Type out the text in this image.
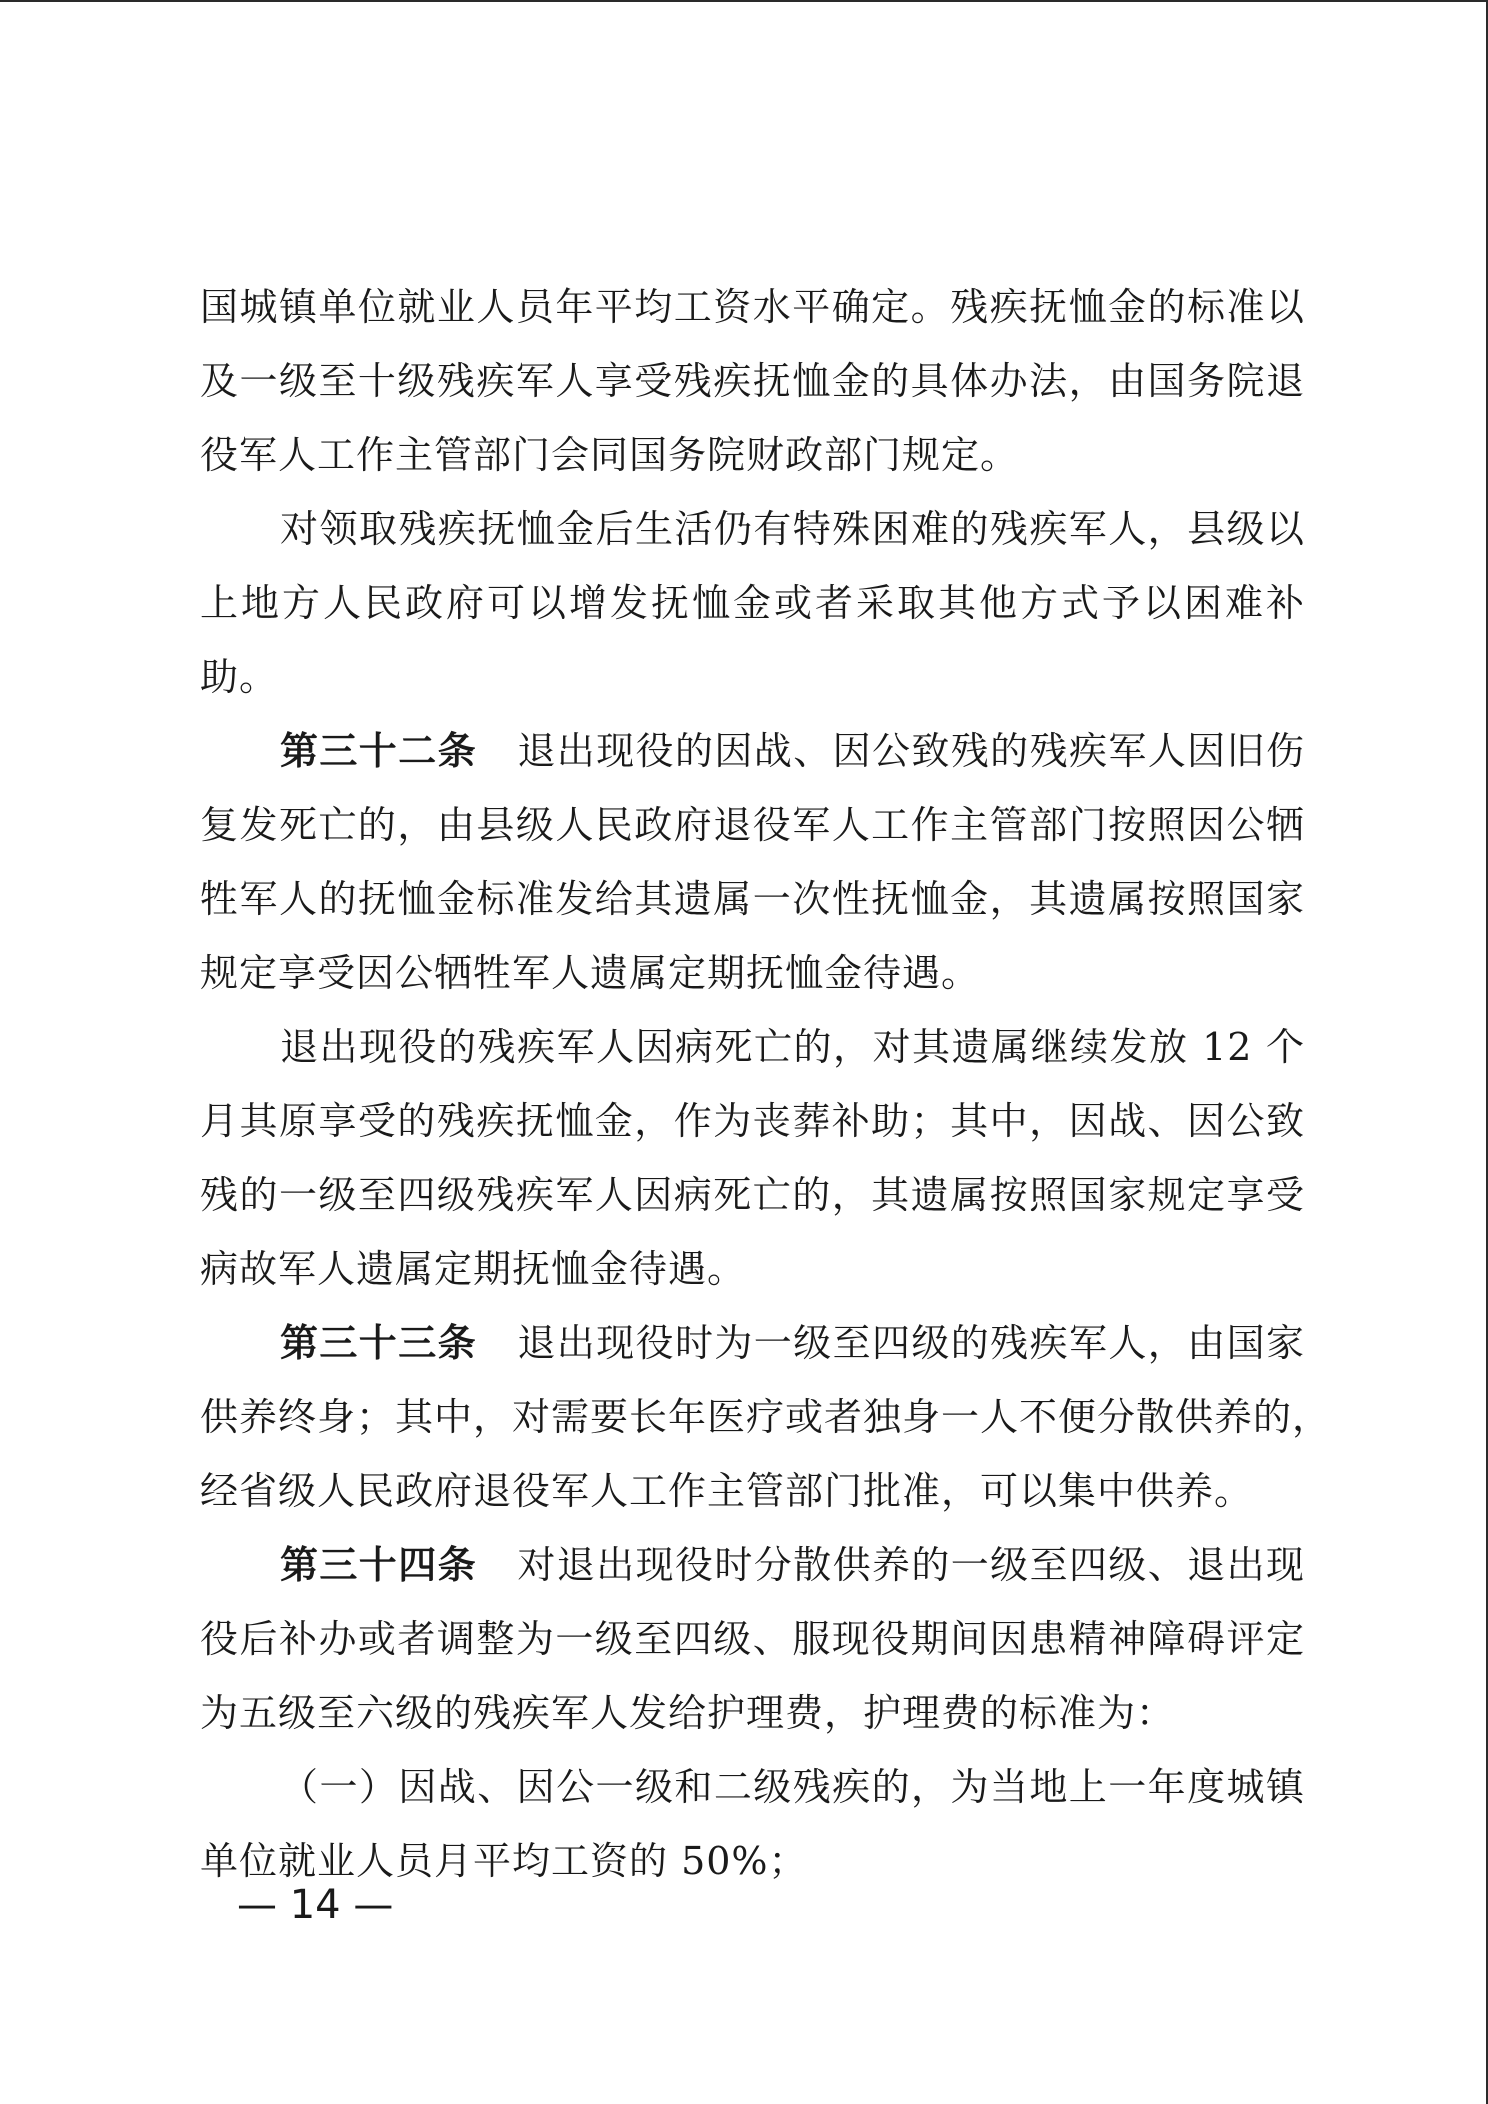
国城镇单位就业人员年平均工资水平确定。残疾抚恤金的标准以
及一级至十级残疾军人享受残疾抚恤金的具体办法，由国务院退
役军人工作主管部门会同国务院财政部门规定。
对领取残疾抚恤金后生活仍有特殊困难的残疾军人，县级以
上地方人民政府可以增发抚恤金或者采取其他方式予以困难补
助。
第三十二条 退出现役的因战、因公致残的残疾军人因旧伤
复发死亡的，由县级人民政府退役军人工作主管部门按照因公牺
牲军人的抚恤金标准发给其遗属一次性抚恤金，其遗属按照国家
规定享受因公牺牲军人遗属定期抚恤金待遇。
退出现役的残疾军人因病死亡的，对其遗属继续发放 12 个
月其原享受的残疾抚恤金，作为丧葬补助；其中，因战、因公致
残的一级至四级残疾军人因病死亡的，其遗属按照国家规定享受
病故军人遗属定期抚恤金待遇。
第三十三条 退出现役时为一级至四级的残疾军人，由国家
供养终身；其中，对需要长年医疗或者独身一人不便分散供养的，
经省级人民政府退役军人工作主管部门批准，可以集中供养。
第三十四条 对退出现役时分散供养的一级至四级、退出现
役后补办或者调整为一级至四级、服现役期间因患精神障碍评定
为五级至六级的残疾军人发给护理费，护理费的标准为：
（一）因战、因公一级和二级残疾的，为当地上一年度城镇
单位就业人员月平均工资的 50%；
— 14 —
